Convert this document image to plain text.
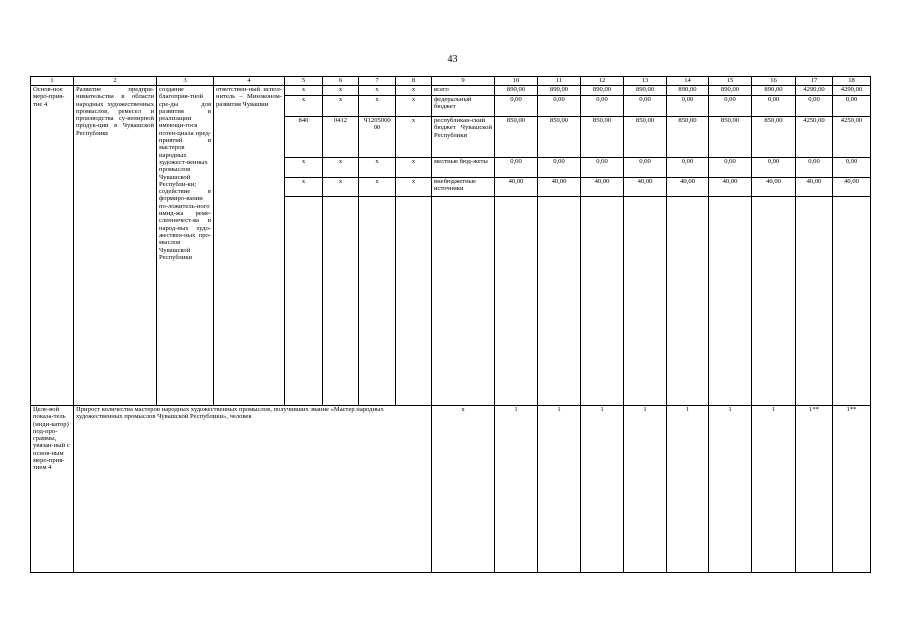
43
1	2	3	4	5	6	7	8	9	10	11	12	13	14	15	16	17	18
Основ-ное меро-прия-тие 4	Развитие предпри-нимательства в области народных художественных промыслов, ремесел и производства су-венирной продук-ции в Чувашской Республике	создание благоприя-тной сре-ды для развития и реализации имеющи-гося потен-циала пред-приятий и мастеров народных художест-венных промыслов Чувашской Республи-ки; содействие в формиро-вании по-ложитель-ного имид-жа реме-сленничест-ва и народ-ных худо-жествен-ных про-мыслов Чувашской Республики	ответствен-ный испол-нитель – Минэконом-развития Чувашии	x	x	x	x	всего	890,00	890,00	890,00	890,00	890,00	890,00	890,00	4290,00	4290,00
				x	x	x	x	федеральный бюджет	0,00	0,00	0,00	0,00	0,00	0,00	0,00	0,00	0,00
				840	0412	Ч1205000 00	x	республикан-ский бюджет Чувашской Республики	850,00	850,00	850,00	850,00	850,00	850,00	850,00	4250,00	4250,00
				x	x	x	x	местные бюд-жеты	0,00	0,00	0,00	0,00	0,00	0,00	0,00	0,00	0,00
				x	x	x	x	внебюджетные источники	40,00	40,00	40,00	40,00	40,00	40,00	40,00	40,00	40,00

Целе-вой показа-тель (инди-катор) под-про-граммы, увязан-ный с основ-ным меро-прия-тием 4	Прирост количества мастеров народных художественных промыслов, получивших звание «Мастер народных художественных промыслов Чувашской Республики», человек							x	1	1	1	1	1	1	1	1**	1**
